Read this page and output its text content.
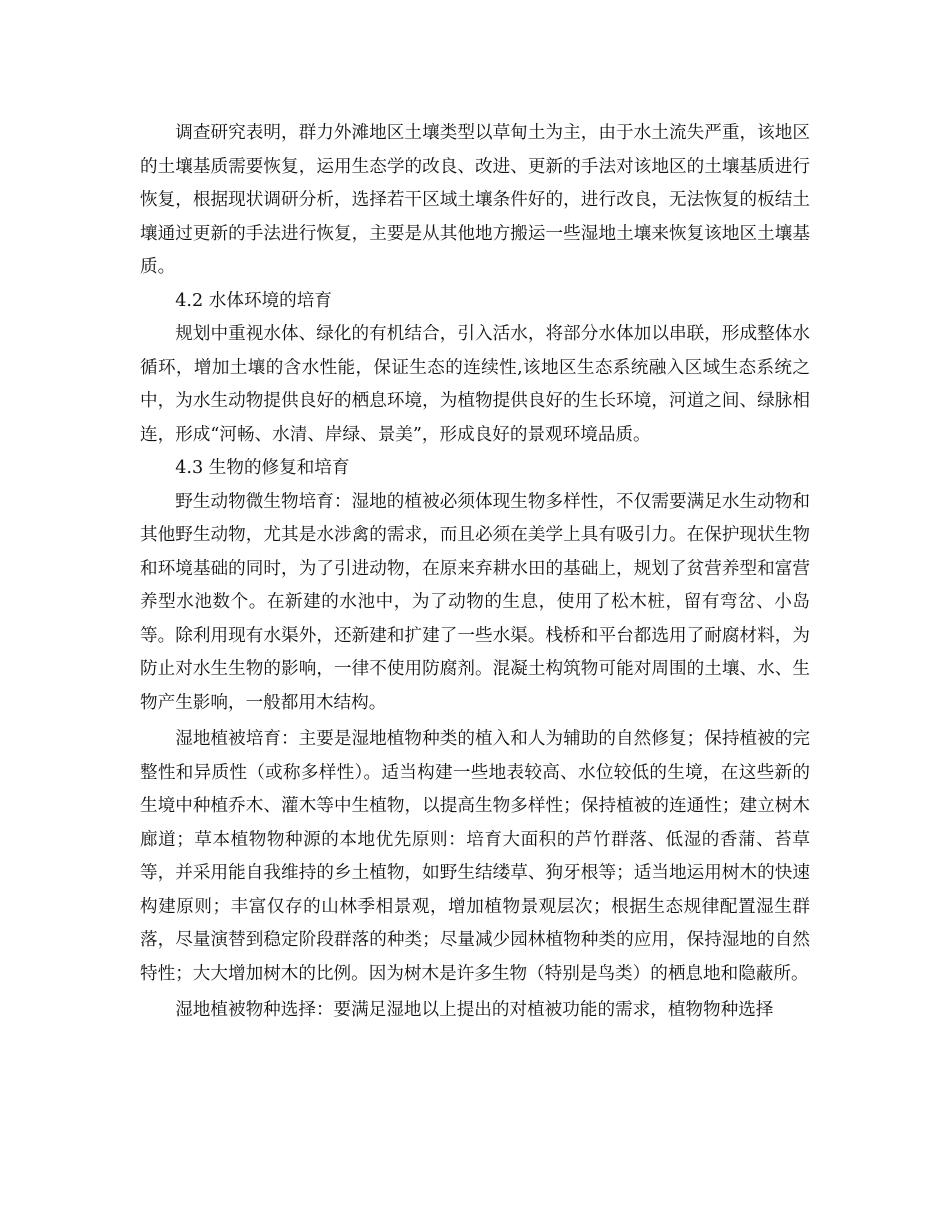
调查研究表明，群力外滩地区土壤类型以草甸土为主，由于水土流失严重，该地区的土壤基质需要恢复，运用生态学的改良、改进、更新的手法对该地区的土壤基质进行恢复，根据现状调研分析，选择若干区域土壤条件好的，进行改良，无法恢复的板结土壤通过更新的手法进行恢复，主要是从其他地方搬运一些湿地土壤来恢复该地区土壤基质。

4.2 水体环境的培育

规划中重视水体、绿化的有机结合，引入活水，将部分水体加以串联，形成整体水循环，增加土壤的含水性能，保证生态的连续性,该地区生态系统融入区域生态系统之中，为水生动物提供良好的栖息环境，为植物提供良好的生长环境，河道之间、绿脉相连，形成“河畅、水清、岸绿、景美”，形成良好的景观环境品质。

4.3 生物的修复和培育

野生动物微生物培育：湿地的植被必须体现生物多样性，不仅需要满足水生动物和其他野生动物，尤其是水涉禽的需求，而且必须在美学上具有吸引力。在保护现状生物和环境基础的同时，为了引进动物，在原来弃耕水田的基础上，规划了贫营养型和富营养型水池数个。在新建的水池中，为了动物的生息，使用了松木桩，留有弯岔、小岛等。除利用现有水渠外，还新建和扩建了一些水渠。栈桥和平台都选用了耐腐材料，为防止对水生生物的影响，一律不使用防腐剂。混凝土构筑物可能对周围的土壤、水、生物产生影响，一般都用木结构。

湿地植被培育：主要是湿地植物种类的植入和人为辅助的自然修复；保持植被的完整性和异质性（或称多样性）。适当构建一些地表较高、水位较低的生境，在这些新的生境中种植乔木、灌木等中生植物，以提高生物多样性；保持植被的连通性；建立树木廊道；草本植物物种源的本地优先原则：培育大面积的芦竹群落、低湿的香蒲、苔草等，并采用能自我维持的乡土植物，如野生结缕草、狗牙根等；适当地运用树木的快速构建原则；丰富仅存的山林季相景观，增加植物景观层次；根据生态规律配置湿生群落，尽量演替到稳定阶段群落的种类；尽量减少园林植物种类的应用，保持湿地的自然特性；大大增加树木的比例。因为树木是许多生物（特别是鸟类）的栖息地和隐蔽所。

湿地植被物种选择：要满足湿地以上提出的对植被功能的需求，植物物种选择
